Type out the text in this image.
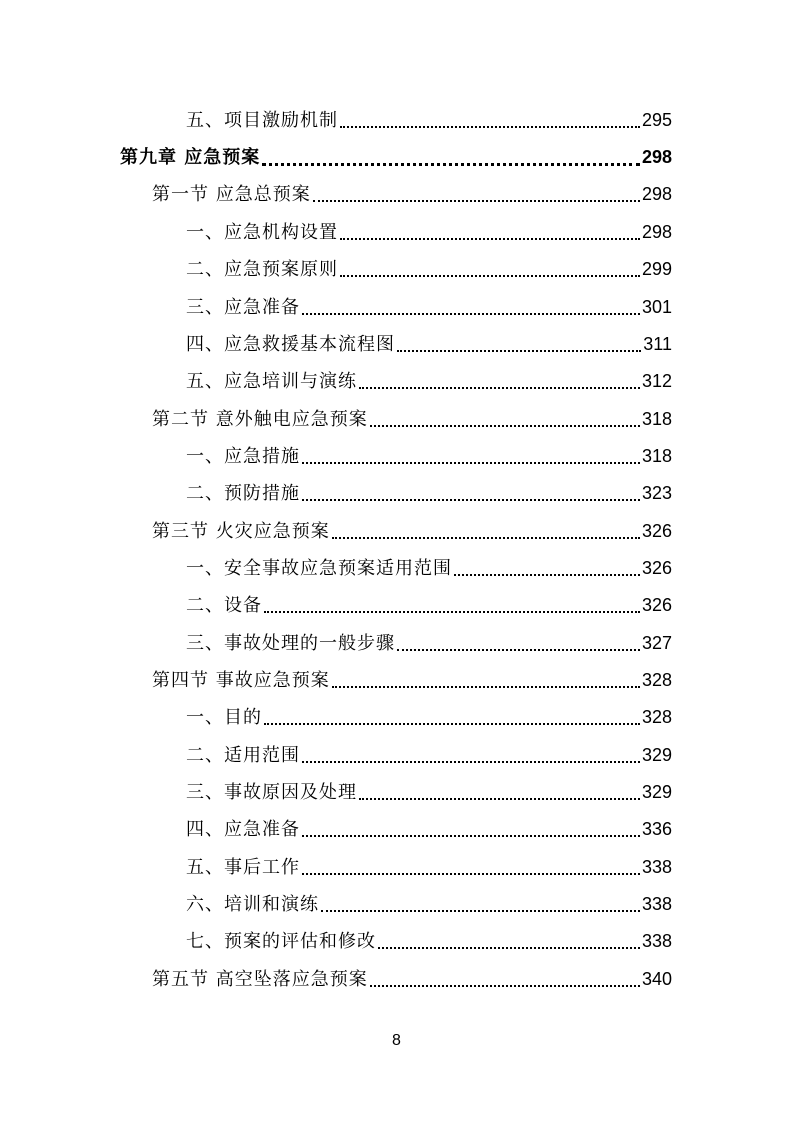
五、项目激励机制	295
第九章 应急预案	298
第一节 应急总预案	298
一、应急机构设置	298
二、应急预案原则	299
三、应急准备	301
四、应急救援基本流程图	311
五、应急培训与演练	312
第二节 意外触电应急预案	318
一、应急措施	318
二、预防措施	323
第三节 火灾应急预案	326
一、安全事故应急预案适用范围	326
二、设备	326
三、事故处理的一般步骤	327
第四节 事故应急预案	328
一、目的	328
二、适用范围	329
三、事故原因及处理	329
四、应急准备	336
五、事后工作	338
六、培训和演练	338
七、预案的评估和修改	338
第五节 高空坠落应急预案	340
8
